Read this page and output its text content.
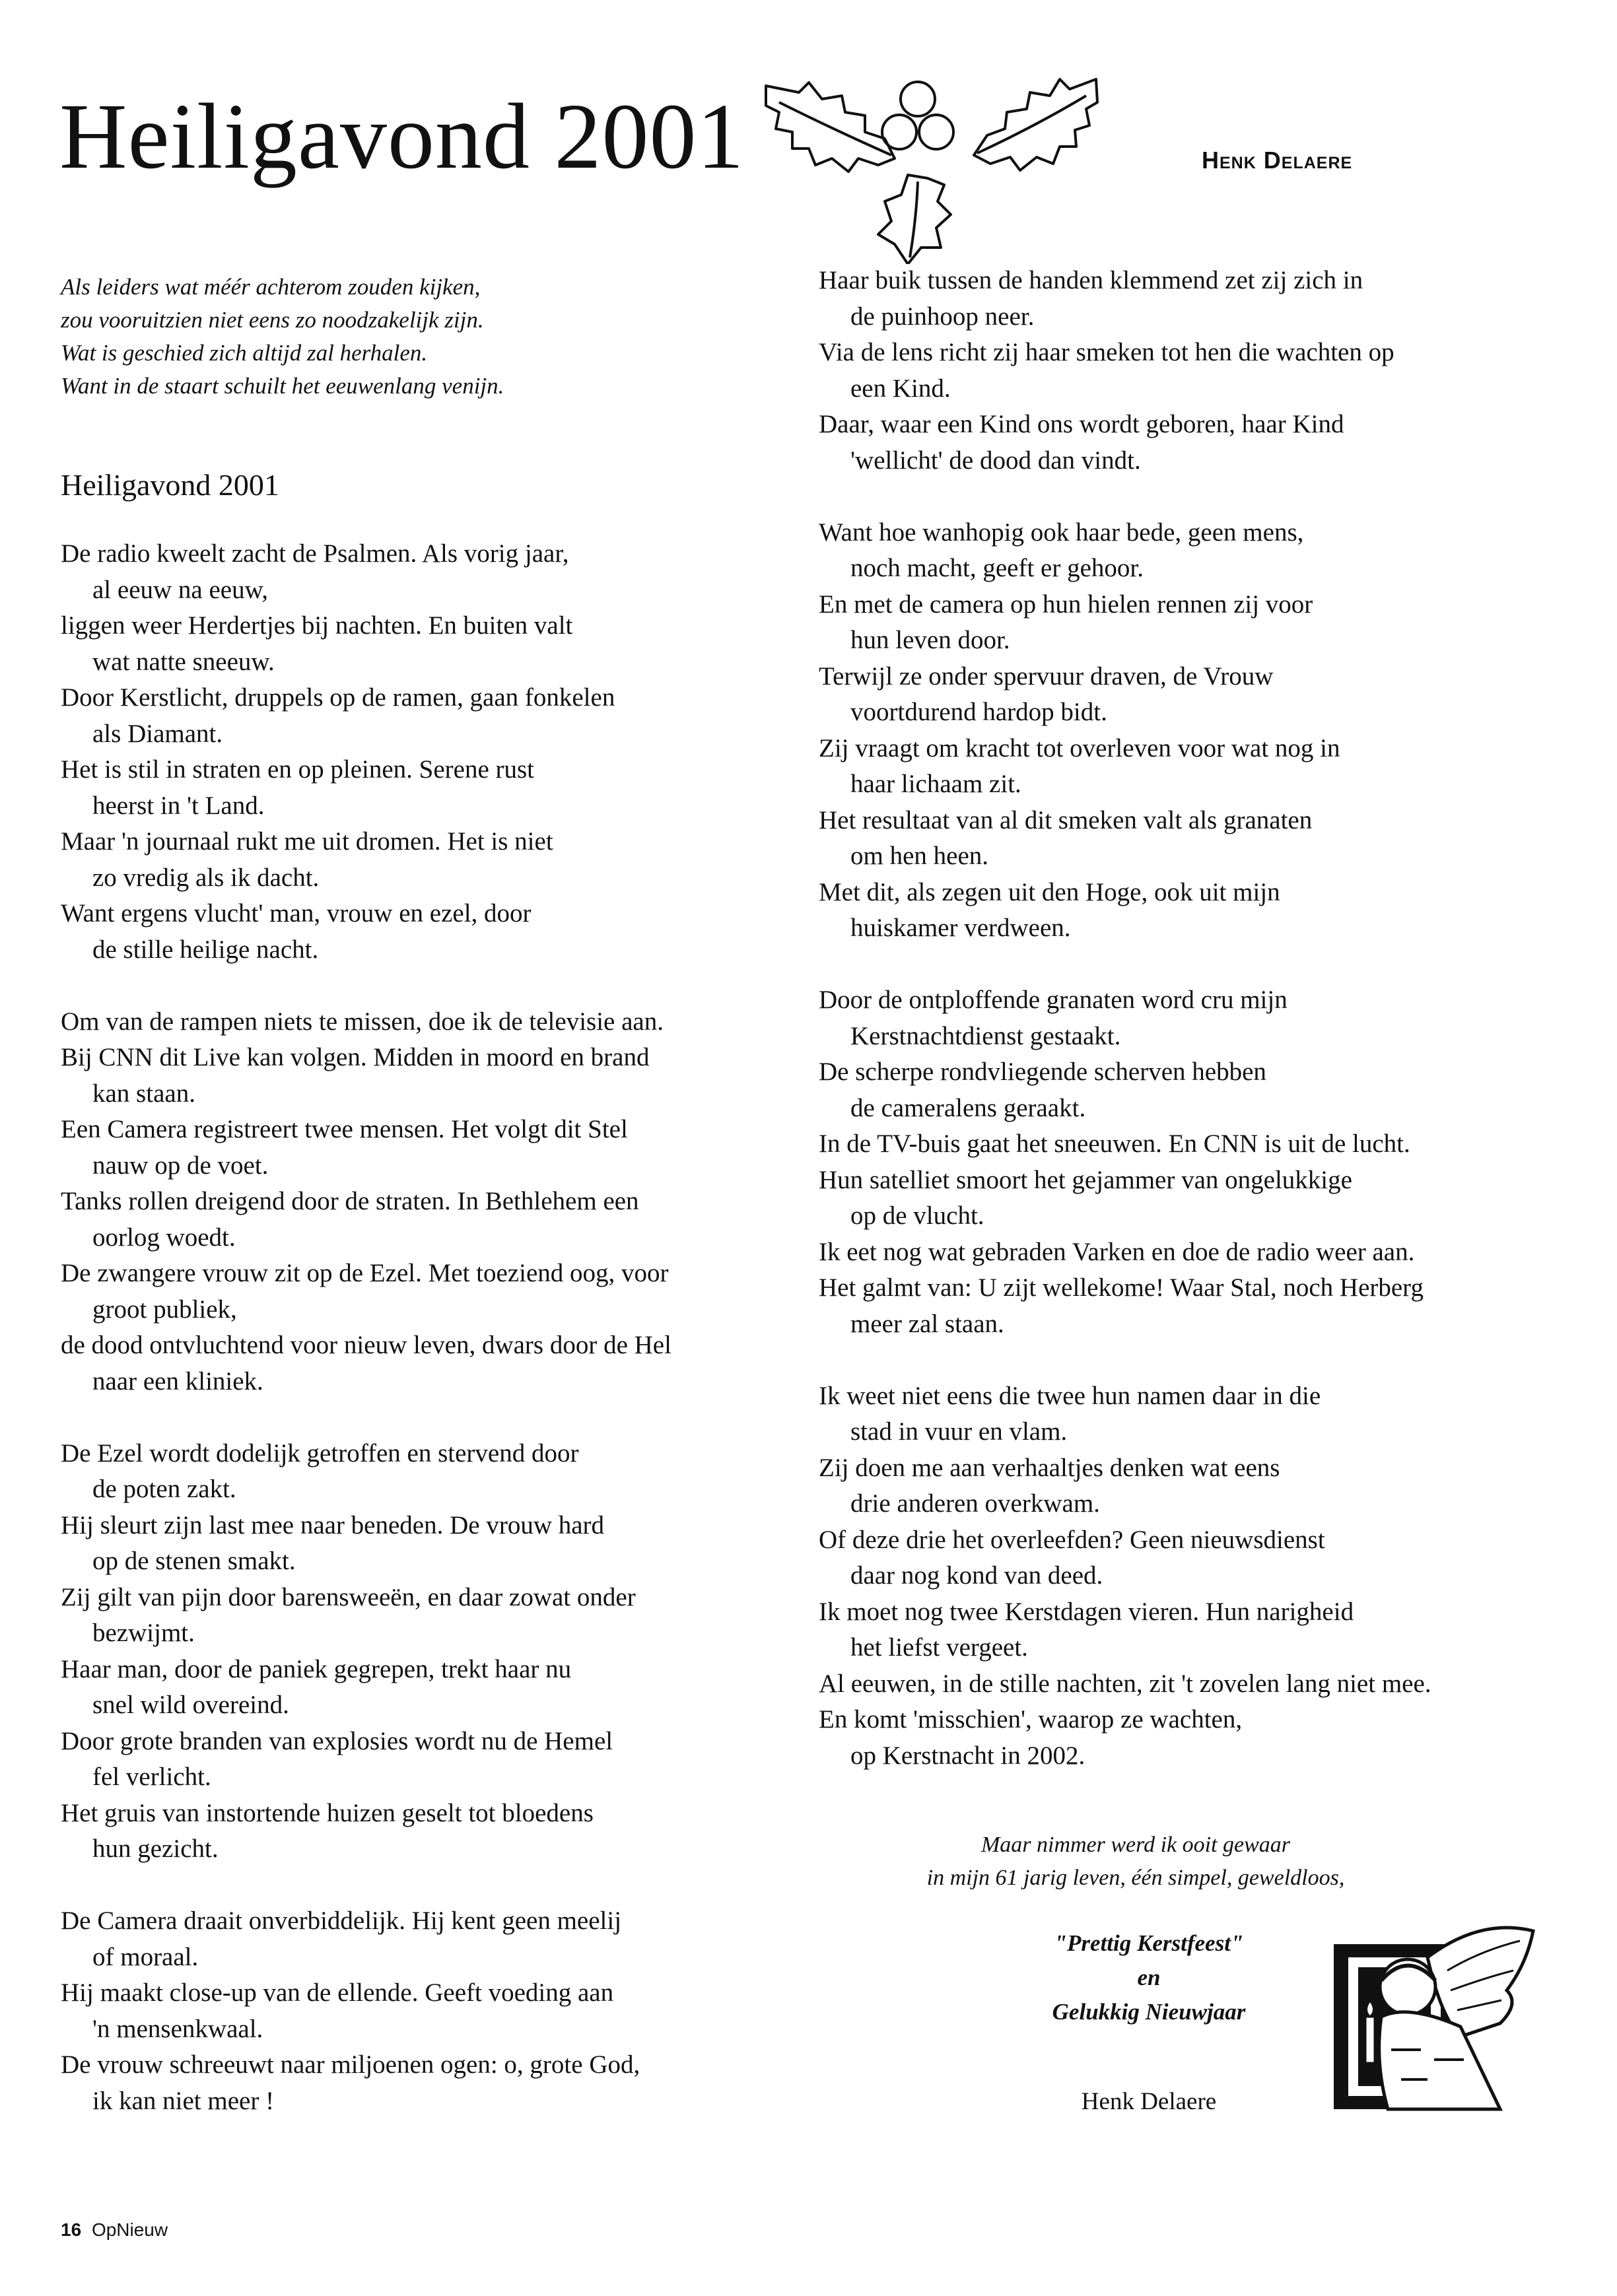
Heiligavond 2001	Henk Delaere
Als leiders wat méér achterom zouden kijken,
zou vooruitzien niet eens zo noodzakelijk zijn.
Wat is geschied zich altijd zal herhalen.
Want in de staart schuilt het eeuwenlang venijn.
Heiligavond 2001
De radio kweelt zacht de Psalmen. Als vorig jaar,
al eeuw na eeuw,
liggen weer Herdertjes bij nachten. En buiten valt
wat natte sneeuw.
Door Kerstlicht, druppels op de ramen, gaan fonkelen
als Diamant.
Het is stil in straten en op pleinen. Serene rust
heerst in 't Land.
Maar 'n journaal rukt me uit dromen. Het is niet
zo vredig als ik dacht.
Want ergens vlucht' man, vrouw en ezel, door
de stille heilige nacht.
Om van de rampen niets te missen, doe ik de televisie aan.
Bij CNN dit Live kan volgen. Midden in moord en brand
kan staan.
Een Camera registreert twee mensen. Het volgt dit Stel
nauw op de voet.
Tanks rollen dreigend door de straten. In Bethlehem een
oorlog woedt.
De zwangere vrouw zit op de Ezel. Met toeziend oog, voor
groot publiek,
de dood ontvluchtend voor nieuw leven, dwars door de Hel
naar een kliniek.
De Ezel wordt dodelijk getroffen en stervend door
de poten zakt.
Hij sleurt zijn last mee naar beneden. De vrouw hard
op de stenen smakt.
Zij gilt van pijn door barensweeën, en daar zowat onder
bezwijmt.
Haar man, door de paniek gegrepen, trekt haar nu
snel wild overeind.
Door grote branden van explosies wordt nu de Hemel
fel verlicht.
Het gruis van instortende huizen geselt tot bloedens
hun gezicht.
De Camera draait onverbiddelijk. Hij kent geen meelij
of moraal.
Hij maakt close-up van de ellende. Geeft voeding aan
'n mensenkwaal.
De vrouw schreeuwt naar miljoenen ogen: o, grote God,
ik kan niet meer !
Haar buik tussen de handen klemmend zet zij zich in
de puinhoop neer.
Via de lens richt zij haar smeken tot hen die wachten op
een Kind.
Daar, waar een Kind ons wordt geboren, haar Kind
'wellicht' de dood dan vindt.
Want hoe wanhopig ook haar bede, geen mens,
noch macht, geeft er gehoor.
En met de camera op hun hielen rennen zij voor
hun leven door.
Terwijl ze onder spervuur draven, de Vrouw
voortdurend hardop bidt.
Zij vraagt om kracht tot overleven voor wat nog in
haar lichaam zit.
Het resultaat van al dit smeken valt als granaten
om hen heen.
Met dit, als zegen uit den Hoge, ook uit mijn
huiskamer verdween.
Door de ontploffende granaten word cru mijn
Kerstnachtdienst gestaakt.
De scherpe rondvliegende scherven hebben
de cameralens geraakt.
In de TV-buis gaat het sneeuwen. En CNN is uit de lucht.
Hun satelliet smoort het gejammer van ongelukkige
op de vlucht.
Ik eet nog wat gebraden Varken en doe de radio weer aan.
Het galmt van: U zijt wellekome! Waar Stal, noch Herberg
meer zal staan.
Ik weet niet eens die twee hun namen daar in die
stad in vuur en vlam.
Zij doen me aan verhaaltjes denken wat eens
drie anderen overkwam.
Of deze drie het overleefden? Geen nieuwsdienst
daar nog kond van deed.
Ik moet nog twee Kerstdagen vieren. Hun narigheid
het liefst vergeet.
Al eeuwen, in de stille nachten, zit 't zovelen lang niet mee.
En komt 'misschien', waarop ze wachten,
op Kerstnacht in 2002.
Maar nimmer werd ik ooit gewaar
in mijn 61 jarig leven, één simpel, geweldloos,
"Prettig Kerstfeest"
en
Gelukkig Nieuwjaar
Henk Delaere
16 OpNieuw
